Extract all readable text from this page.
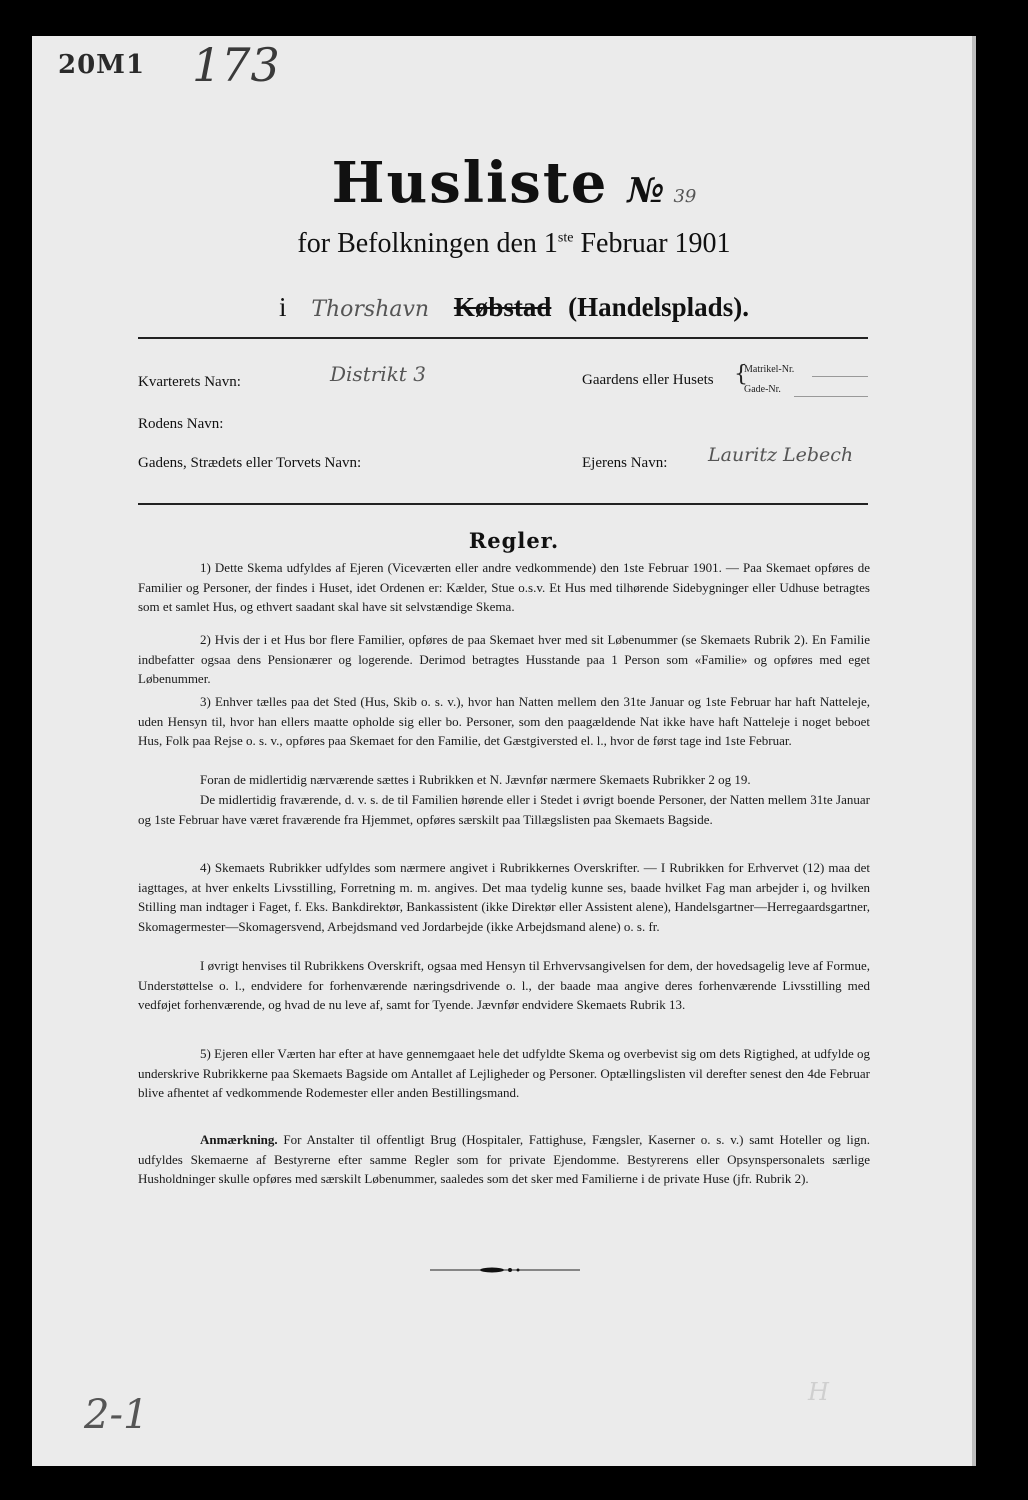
20M1 173
Husliste № 39
for Befolkningen den 1ste Februar 1901
i Thorshavn Købstad (Handelsplads).
Kvarterets Navn:	Distrikt 3	Gaardens eller Husets {
Matrikel-Nr.
Gade-Nr.
Rodens Navn:
Gadens, Strædets eller Torvets Navn:	Ejerens Navn: Lauritz Lebech
Regler.

1) Dette Skema udfyldes af Ejeren (Viceværten eller andre vedkommende) den 1ste Februar 1901. — Paa Skemaet opføres de Familier og Personer, der findes i Huset, idet Ordenen er: Kælder, Stue o.s.v. Et Hus med tilhørende Sidebygninger eller Udhuse betragtes som et samlet Hus, og ethvert saadant skal have sit selvstændige Skema.

2) Hvis der i et Hus bor flere Familier, opføres de paa Skemaet hver med sit Løbenummer (se Skemaets Rubrik 2). En Familie indbefatter ogsaa dens Pensionærer og logerende. Derimod betragtes Husstande paa 1 Person som «Familie» og opføres med eget Løbenummer.

3) Enhver tælles paa det Sted (Hus, Skib o. s. v.), hvor han Natten mellem den 31te Januar og 1ste Februar har haft Natteleje, uden Hensyn til, hvor han ellers maatte opholde sig eller bo. Personer, som den paagældende Nat ikke have haft Natteleje i noget beboet Hus, Folk paa Rejse o. s. v., opføres paa Skemaet for den Familie, det Gæstgiversted el. l., hvor de først tage ind 1ste Februar.

Foran de midlertidig nærværende sættes i Rubrikken et N. Jævnfør nærmere Skemaets Rubrikker 2 og 19.

De midlertidig fraværende, d. v. s. de til Familien hørende eller i Stedet i øvrigt boende Personer, der Natten mellem 31te Januar og 1ste Februar have været fraværende fra Hjemmet, opføres særskilt paa Tillægslisten paa Skemaets Bagside.

4) Skemaets Rubrikker udfyldes som nærmere angivet i Rubrikkernes Overskrifter. — I Rubrikken for Erhvervet (12) maa det iagttages, at hver enkelts Livsstilling, Forretning m. m. angives. Det maa tydelig kunne ses, baade hvilket Fag man arbejder i, og hvilken Stilling man indtager i Faget, f. Eks. Bankdirektør, Bankassistent (ikke Direktør eller Assistent alene), Handelsgartner—Herregaardsgartner, Skomagermester—Skomagersvend, Arbejdsmand ved Jordarbejde (ikke Arbejdsmand alene) o. s. fr.

I øvrigt henvises til Rubrikkens Overskrift, ogsaa med Hensyn til Erhvervsangivelsen for dem, der hovedsagelig leve af Formue, Understøttelse o. l., endvidere for forhenværende næringsdrivende o. l., der baade maa angive deres forhenværende Livsstilling med vedføjet forhenværende, og hvad de nu leve af, samt for Tyende. Jævnfør endvidere Skemaets Rubrik 13.

5) Ejeren eller Værten har efter at have gennemgaaet hele det udfyldte Skema og overbevist sig om dets Rigtighed, at udfylde og underskrive Rubrikkerne paa Skemaets Bagside om Antallet af Lejligheder og Personer. Optællingslisten vil derefter senest den 4de Februar blive afhentet af vedkommende Rodemester eller anden Bestillingsmand.

Anmærkning. For Anstalter til offentligt Brug (Hospitaler, Fattighuse, Fængsler, Kaserner o. s. v.) samt Hoteller og lign. udfyldes Skemaerne af Bestyrerne efter samme Regler som for private Ejendomme. Bestyrerens eller Opsynspersonalets særlige Husholdninger skulle opføres med særskilt Løbenummer, saaledes som det sker med Familierne i de private Huse (jfr. Rubrik 2).

2-1	H
